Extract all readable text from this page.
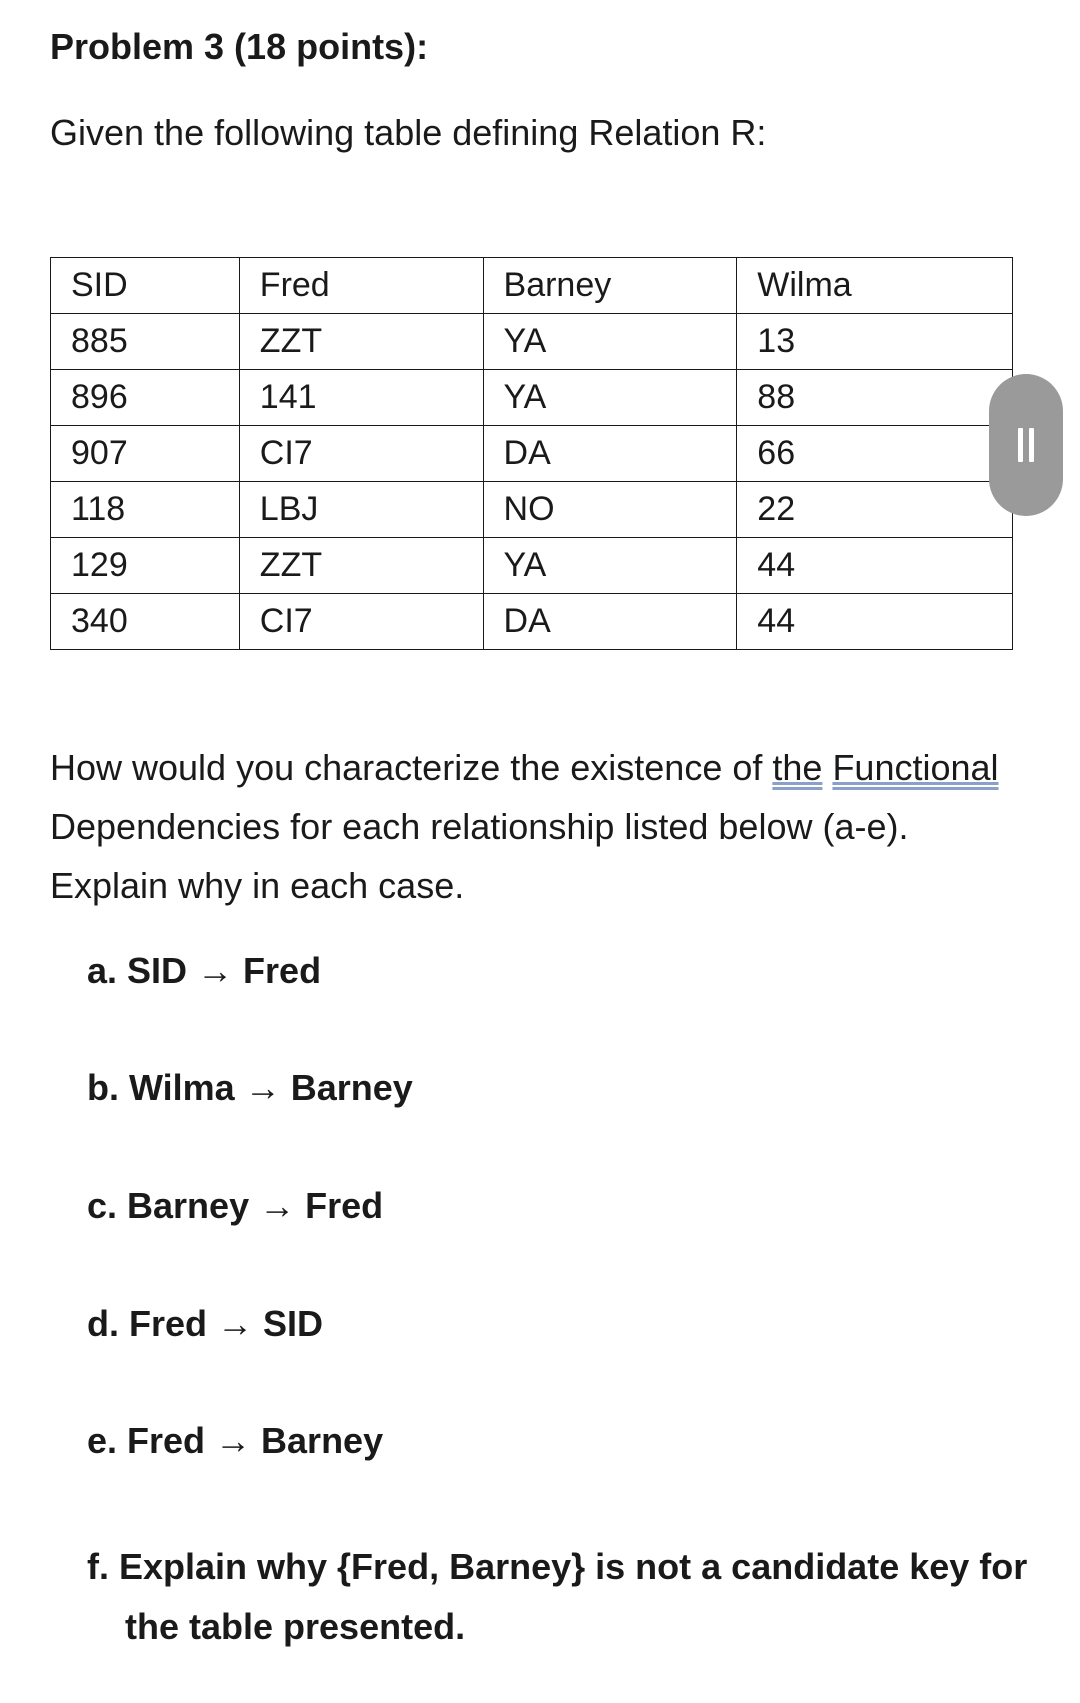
Problem 3 (18 points):

Given the following table defining Relation R:

SID	Fred	Barney	Wilma
885	ZZT	YA	13
896	141	YA	88
907	CI7	DA	66
118	LBJ	NO	22
129	ZZT	YA	44
340	CI7	DA	44

How would you characterize the existence of the Functional Dependencies for each relationship listed below (a-e). Explain why in each case.

a. SID → Fred

b. Wilma → Barney

c. Barney → Fred

d. Fred → SID

e. Fred → Barney

f. Explain why {Fred, Barney} is not a candidate key for
the table presented.
